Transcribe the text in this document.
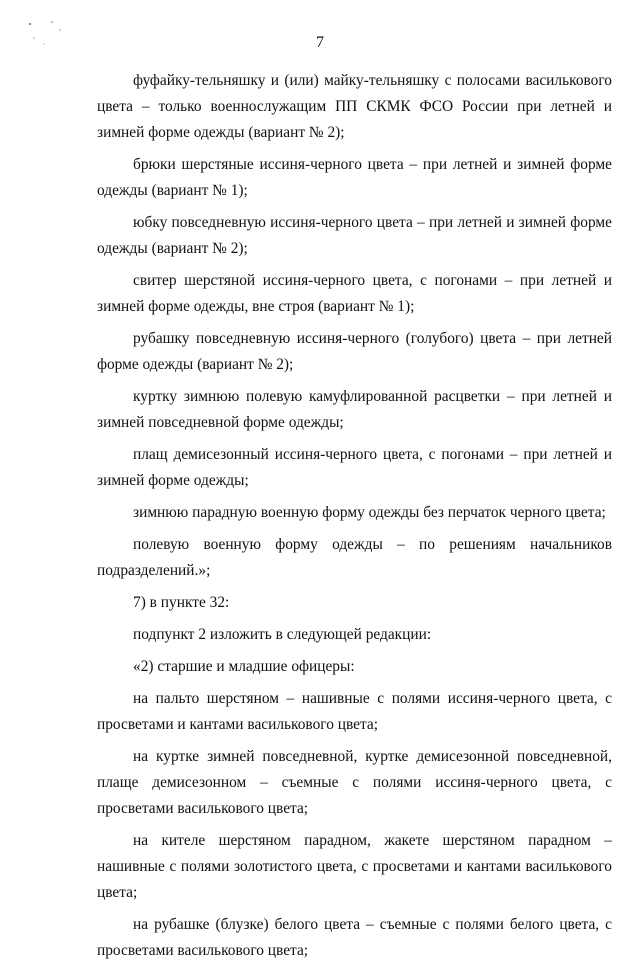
7

фуфайку-тельняшку и (или) майку-тельняшку с полосами василькового цвета – только военнослужащим ПП СКМК ФСО России при летней и зимней форме одежды (вариант № 2);

брюки шерстяные иссиня-черного цвета – при летней и зимней форме одежды (вариант № 1);

юбку повседневную иссиня-черного цвета – при летней и зимней форме одежды (вариант № 2);

свитер шерстяной иссиня-черного цвета, с погонами – при летней и зимней форме одежды, вне строя (вариант № 1);

рубашку повседневную иссиня-черного (голубого) цвета – при летней форме одежды (вариант № 2);

куртку зимнюю полевую камуфлированной расцветки – при летней и зимней повседневной форме одежды;

плащ демисезонный иссиня-черного цвета, с погонами – при летней и зимней форме одежды;

зимнюю парадную военную форму одежды без перчаток черного цвета;

полевую военную форму одежды – по решениям начальников подразделений.»;

7) в пункте 32:

подпункт 2 изложить в следующей редакции:

«2) старшие и младшие офицеры:

на пальто шерстяном – нашивные с полями иссиня-черного цвета, с просветами и кантами василькового цвета;

на куртке зимней повседневной, куртке демисезонной повседневной, плаще демисезонном – съемные с полями иссиня-черного цвета, с просветами василькового цвета;

на кителе шерстяном парадном, жакете шерстяном парадном – нашивные с полями золотистого цвета, с просветами и кантами василькового цвета;

на рубашке (блузке) белого цвета – съемные с полями белого цвета, с просветами василькового цвета;
